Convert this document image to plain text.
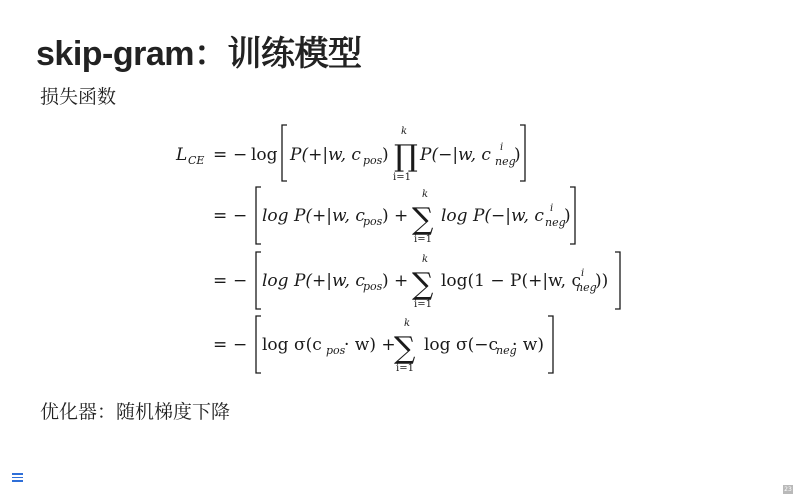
skip-gram：训练模型
损失函数
L CE = − log P(+|w, c pos )
k
∏
i=1
P(−|w, c i
neg
)
= − log P(+|w, c
pos ) +
k
∑
i=1
log P(−|w, c i
neg
)
= − log P(+|w, c
pos ) +
k
∑
i=1
log(1 − P(+|w, c i
neg
))
= − log σ(c pos
· w) +
k
∑
i=1
log σ(−c
neg
· w)
优化器：随机梯度下降
23
